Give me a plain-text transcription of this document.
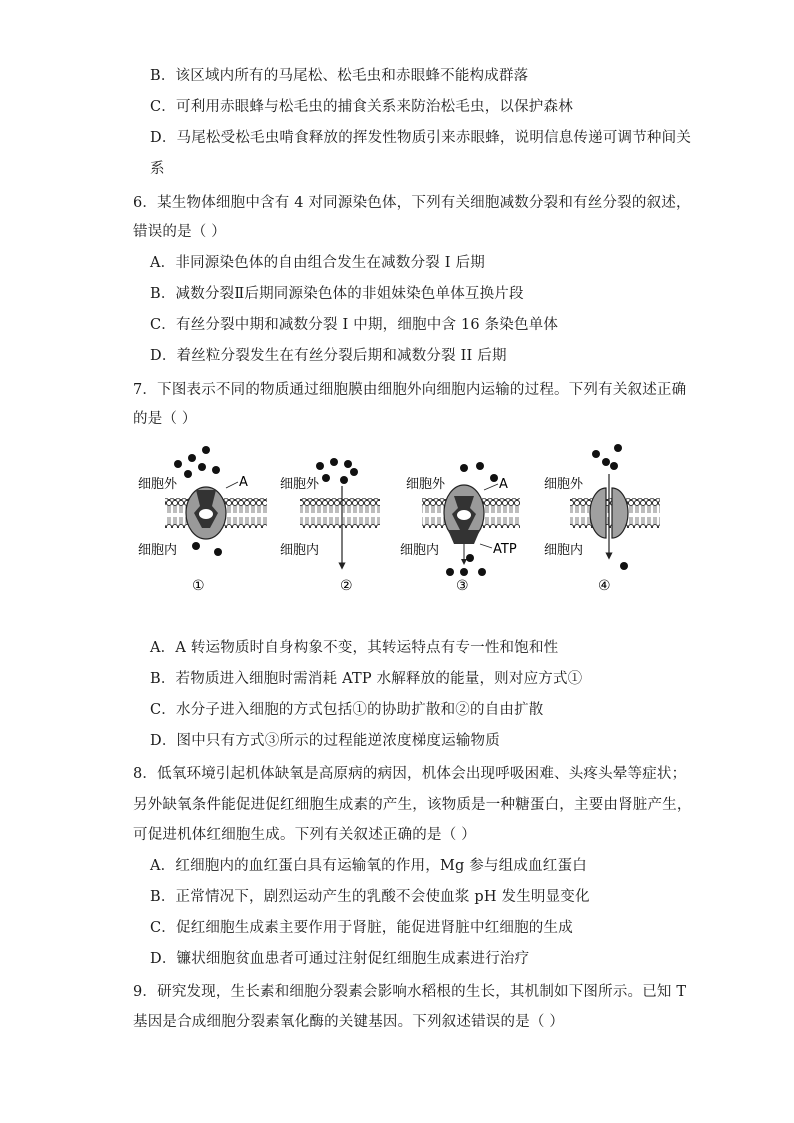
B．该区域内所有的马尾松、松毛虫和赤眼蜂不能构成群落
C．可利用赤眼蜂与松毛虫的捕食关系来防治松毛虫，以保护森林
D．马尾松受松毛虫啃食释放的挥发性物质引来赤眼蜂，说明信息传递可调节种间关
系
6．某生物体细胞中含有 4 对同源染色体，下列有关细胞减数分裂和有丝分裂的叙述，
错误的是（ ）
A．非同源染色体的自由组合发生在减数分裂 I 后期
B．减数分裂Ⅱ后期同源染色体的非姐妹染色单体互换片段
C．有丝分裂中期和减数分裂 I 中期，细胞中含 16 条染色单体
D．着丝粒分裂发生在有丝分裂后期和减数分裂 II 后期
7．下图表示不同的物质通过细胞膜由细胞外向细胞内运输的过程。下列有关叙述正确
的是（ ）
A
细胞外
细胞内
①
细胞外
细胞内
②
A
ATP
细胞外
细胞内
③
细胞外
细胞内
④
A．A 转运物质时自身构象不变，其转运特点有专一性和饱和性
B．若物质进入细胞时需消耗 ATP 水解释放的能量，则对应方式①
C．水分子进入细胞的方式包括①的协助扩散和②的自由扩散
D．图中只有方式③所示的过程能逆浓度梯度运输物质
8．低氧环境引起机体缺氧是高原病的病因，机体会出现呼吸困难、头疼头晕等症状；
另外缺氧条件能促进促红细胞生成素的产生，该物质是一种糖蛋白，主要由肾脏产生，
可促进机体红细胞生成。下列有关叙述正确的是（ ）
A．红细胞内的血红蛋白具有运输氧的作用，Mg 参与组成血红蛋白
B．正常情况下，剧烈运动产生的乳酸不会使血浆 pH 发生明显变化
C．促红细胞生成素主要作用于肾脏，能促进肾脏中红细胞的生成
D．镰状细胞贫血患者可通过注射促红细胞生成素进行治疗
9．研究发现，生长素和细胞分裂素会影响水稻根的生长，其机制如下图所示。已知 T
基因是合成细胞分裂素氧化酶的关键基因。下列叙述错误的是（ ）
